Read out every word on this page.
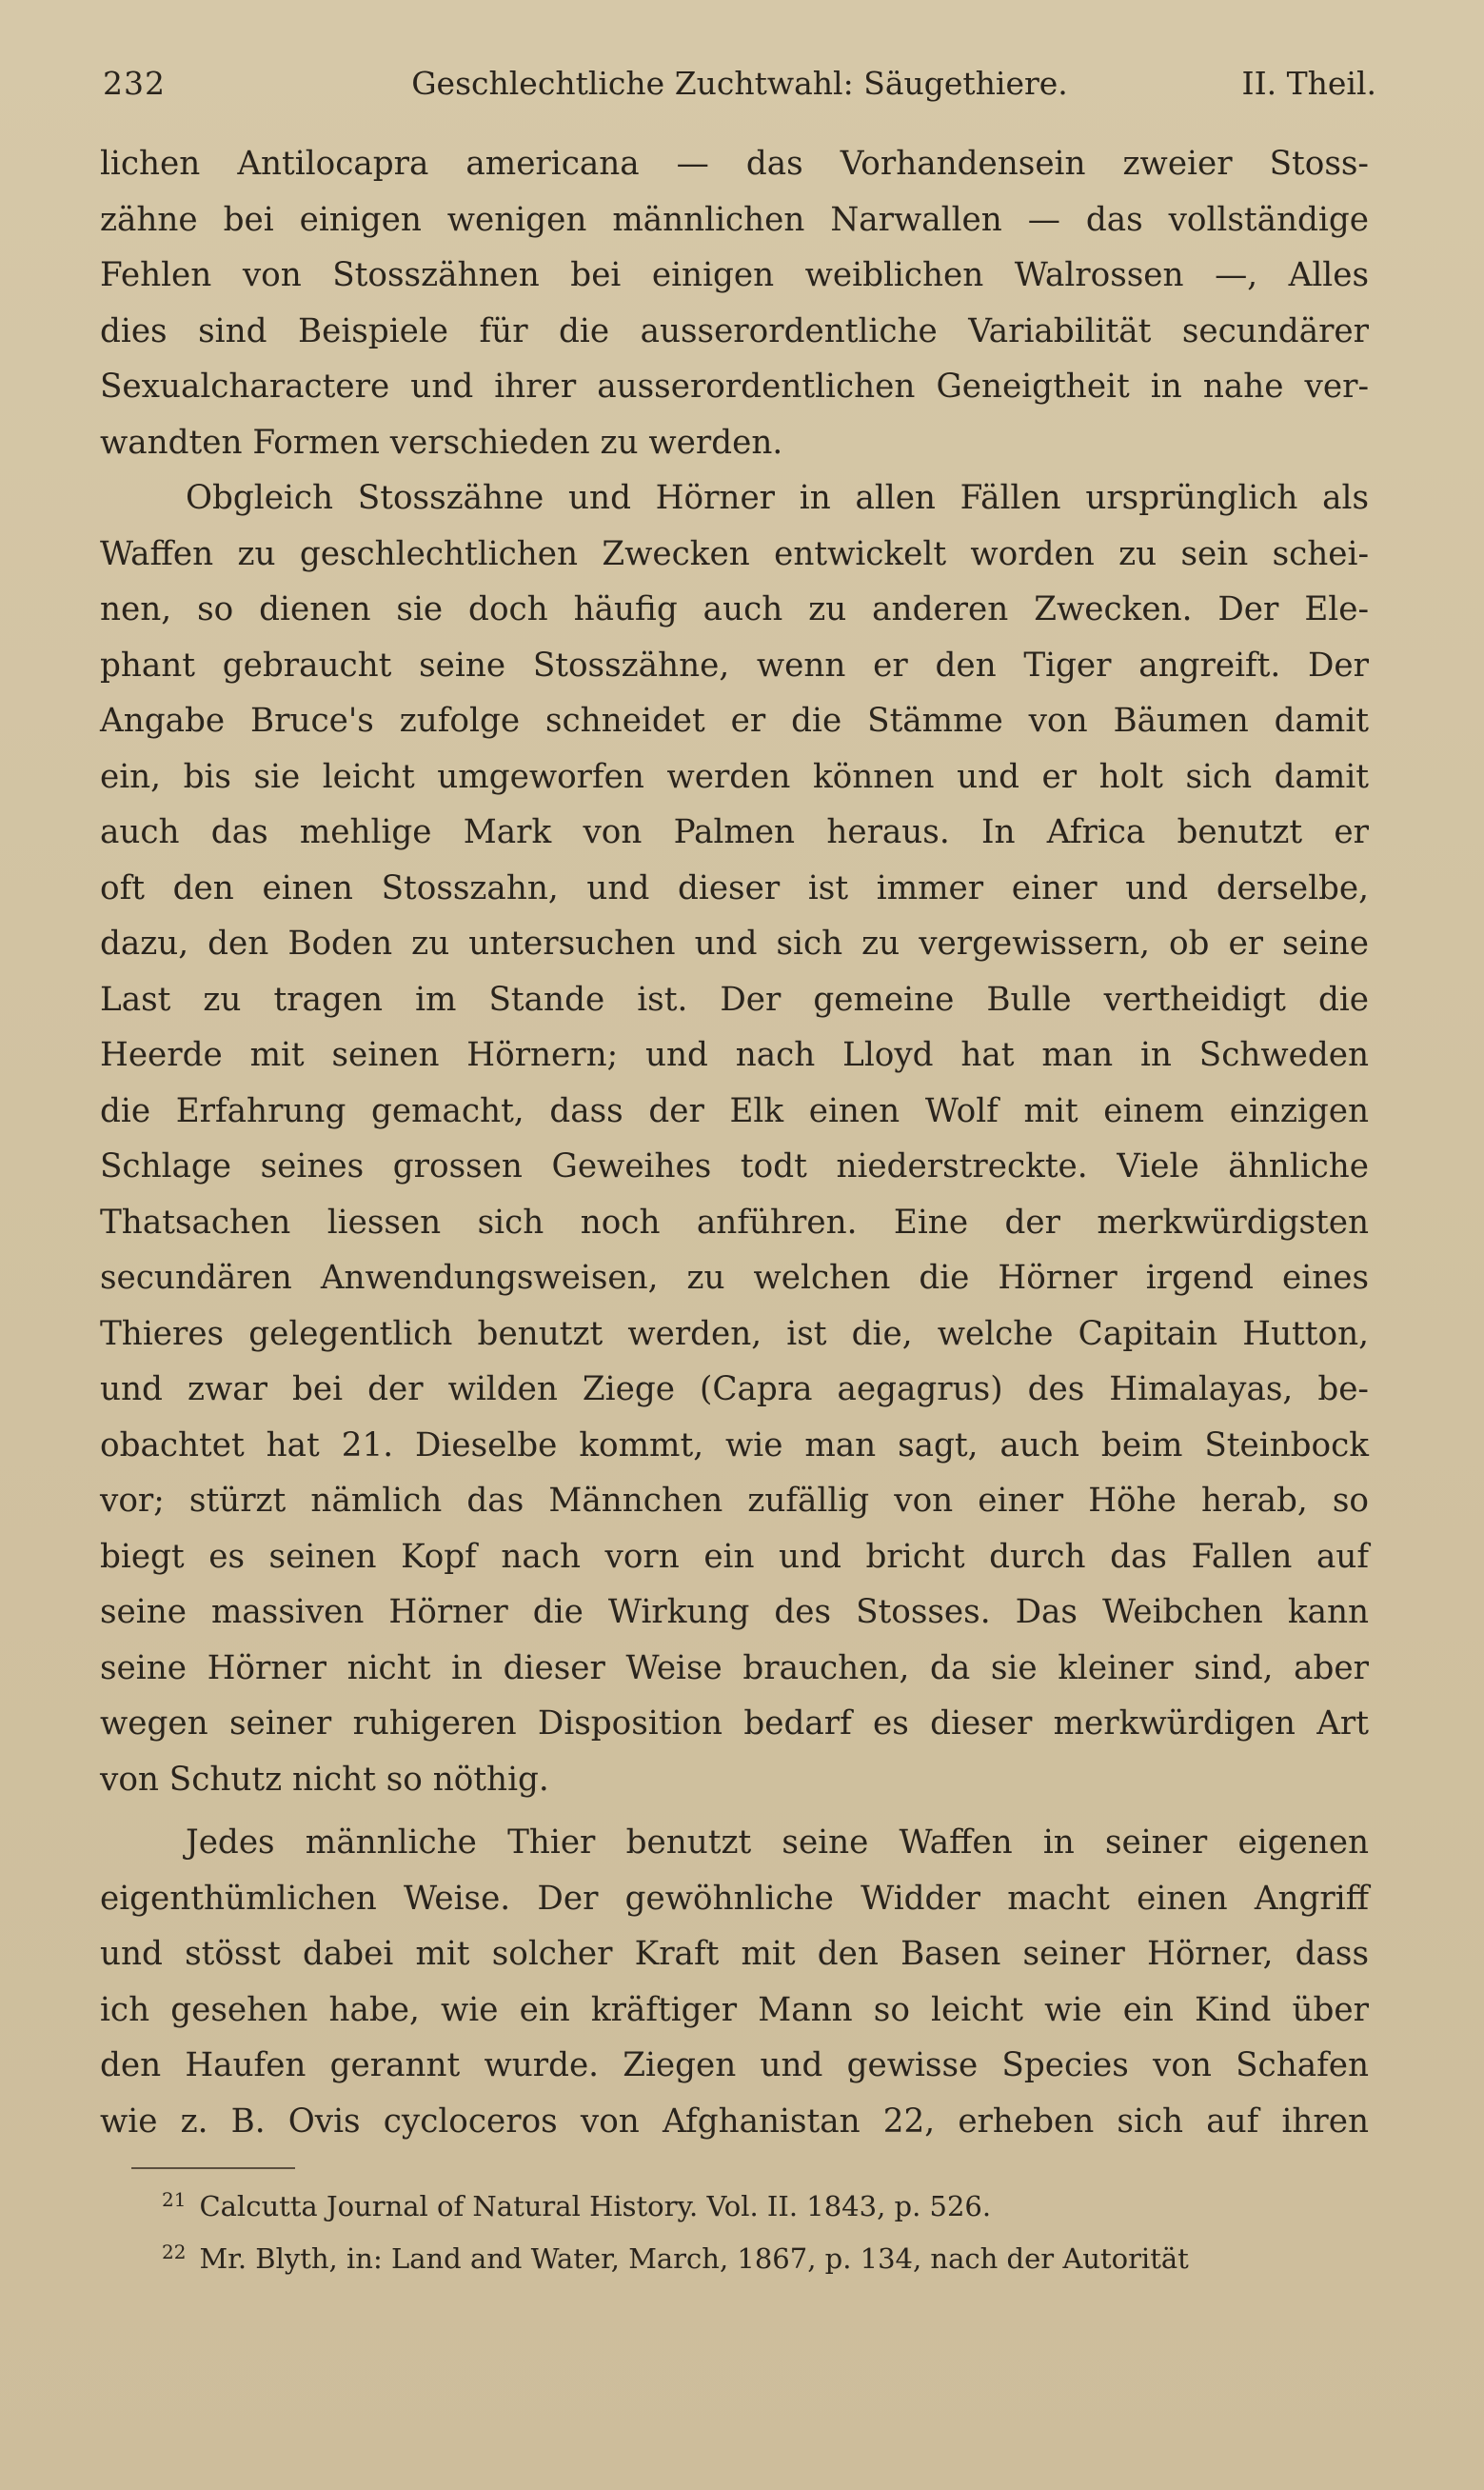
232	Geschlechtliche Zuchtwahl: Säugethiere.	II. Theil.
lichen Antilocapra americana — das Vorhandensein zweier Stoss-
zähne bei einigen wenigen männlichen Narwallen — das vollständige
Fehlen von Stosszähnen bei einigen weiblichen Walrossen —, Alles
dies sind Beispiele für die ausserordentliche Variabilität secundärer
Sexualcharactere und ihrer ausserordentlichen Geneigtheit in nahe ver-
wandten Formen verschieden zu werden.
Obgleich Stosszähne und Hörner in allen Fällen ursprünglich als
Waffen zu geschlechtlichen Zwecken entwickelt worden zu sein schei-
nen, so dienen sie doch häufig auch zu anderen Zwecken. Der Ele-
phant gebraucht seine Stosszähne, wenn er den Tiger angreift. Der
Angabe Bruce's zufolge schneidet er die Stämme von Bäumen damit
ein, bis sie leicht umgeworfen werden können und er holt sich damit
auch das mehlige Mark von Palmen heraus. In Africa benutzt er
oft den einen Stosszahn, und dieser ist immer einer und derselbe,
dazu, den Boden zu untersuchen und sich zu vergewissern, ob er seine
Last zu tragen im Stande ist. Der gemeine Bulle vertheidigt die
Heerde mit seinen Hörnern; und nach Lloyd hat man in Schweden
die Erfahrung gemacht, dass der Elk einen Wolf mit einem einzigen
Schlage seines grossen Geweihes todt niederstreckte. Viele ähnliche
Thatsachen liessen sich noch anführen. Eine der merkwürdigsten
secundären Anwendungsweisen, zu welchen die Hörner irgend eines
Thieres gelegentlich benutzt werden, ist die, welche Capitain Hutton,
und zwar bei der wilden Ziege (Capra aegagrus) des Himalayas, be-
obachtet hat 21. Dieselbe kommt, wie man sagt, auch beim Steinbock
vor; stürzt nämlich das Männchen zufällig von einer Höhe herab, so
biegt es seinen Kopf nach vorn ein und bricht durch das Fallen auf
seine massiven Hörner die Wirkung des Stosses. Das Weibchen kann
seine Hörner nicht in dieser Weise brauchen, da sie kleiner sind, aber
wegen seiner ruhigeren Disposition bedarf es dieser merkwürdigen Art
von Schutz nicht so nöthig.
Jedes männliche Thier benutzt seine Waffen in seiner eigenen
eigenthümlichen Weise. Der gewöhnliche Widder macht einen Angriff
und stösst dabei mit solcher Kraft mit den Basen seiner Hörner, dass
ich gesehen habe, wie ein kräftiger Mann so leicht wie ein Kind über
den Haufen gerannt wurde. Ziegen und gewisse Species von Schafen
wie z. B. Ovis cycloceros von Afghanistan 22, erheben sich auf ihren
$^{21}$ Calcutta Journal of Natural History. Vol. II. 1843, p. 526.
$^{22}$ Mr. Blyth, in: Land and Water, March, 1867, p. 134, nach der Autorität
